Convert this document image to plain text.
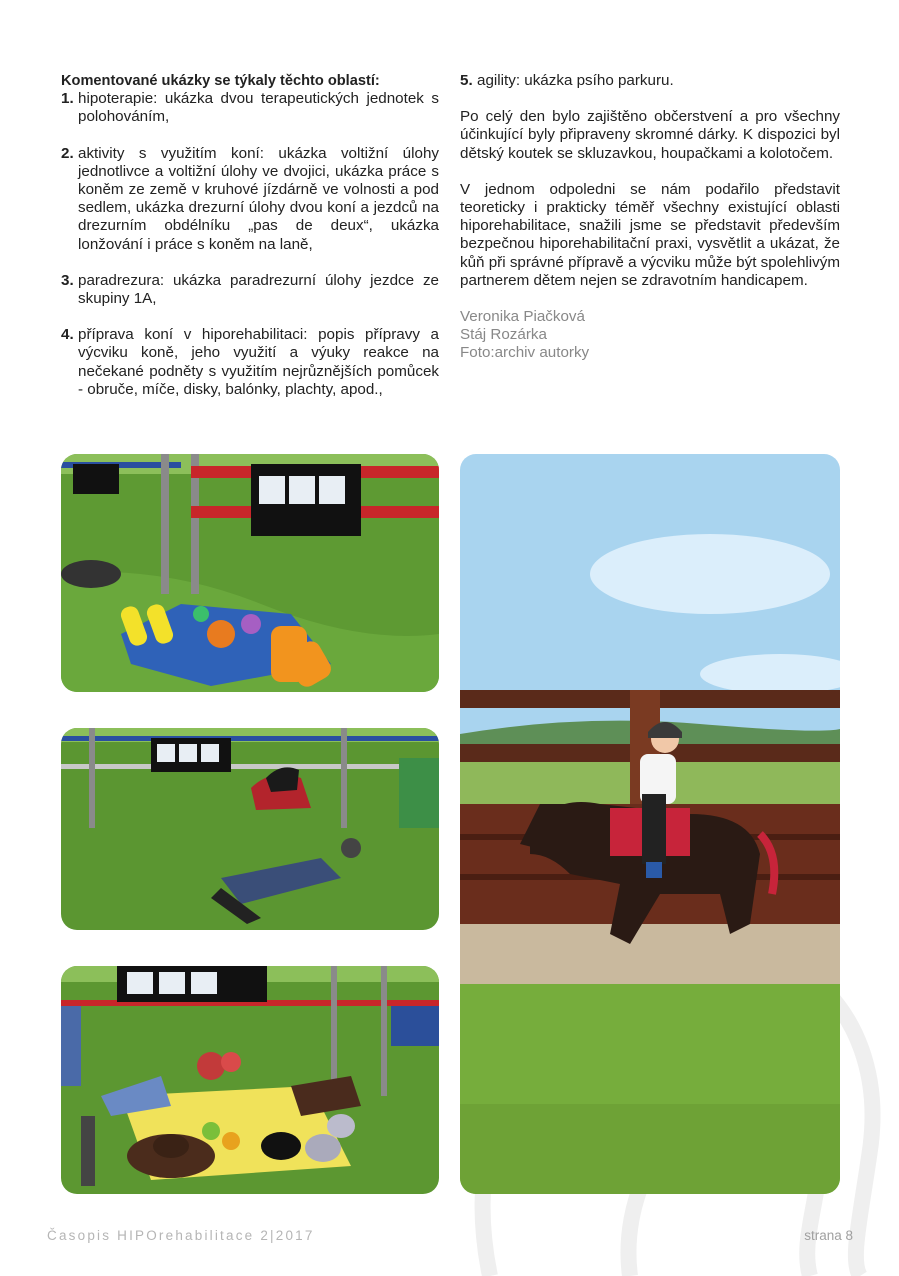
Komentované ukázky se týkaly těchto oblastí:
1. hipoterapie: ukázka dvou terapeutických jednotek s polohováním,
2. aktivity s využitím koní: ukázka voltižní úlohy jednotlivce a voltižní úlohy ve dvojici, ukázka práce s koněm ze země v kruhové jízdárně ve volnosti a pod sedlem, ukázka drezurní úlohy dvou koní a jezdců na drezurním obdélníku „pas de deux“, ukázka lonžování i práce s koněm na laně,
3. paradrezura: ukázka paradrezurní úlohy jezdce ze skupiny 1A,
4. příprava koní v hiporehabilitaci: popis přípravy a výcviku koně, jeho využití a výuky reakce na nečekané podněty s využitím nejrůznějších pomůcek - obruče, míče, disky, balónky, plachty, apod.,
5. agility: ukázka psího parkuru.
Po celý den bylo zajištěno občerstvení a pro všechny účinkující byly připraveny skromné dárky. K dispozici byl dětský koutek se skluzavkou, houpačkami a kolotočem.
V jednom odpoledni se nám podařilo představit teoreticky i prakticky téměř všechny existující oblasti hiporehabilitace, snažili jsme se představit především bezpečnou hiporehabilitační praxi, vysvětlit a ukázat, že kůň při správné přípravě a výcviku může být spolehlivým partnerem dětem nejen se zdravotním handicapem.
Veronika Piačková
Stáj Rozárka
Foto:archiv autorky
Časopis HIPOrehabilitace 2|2017	strana 8
